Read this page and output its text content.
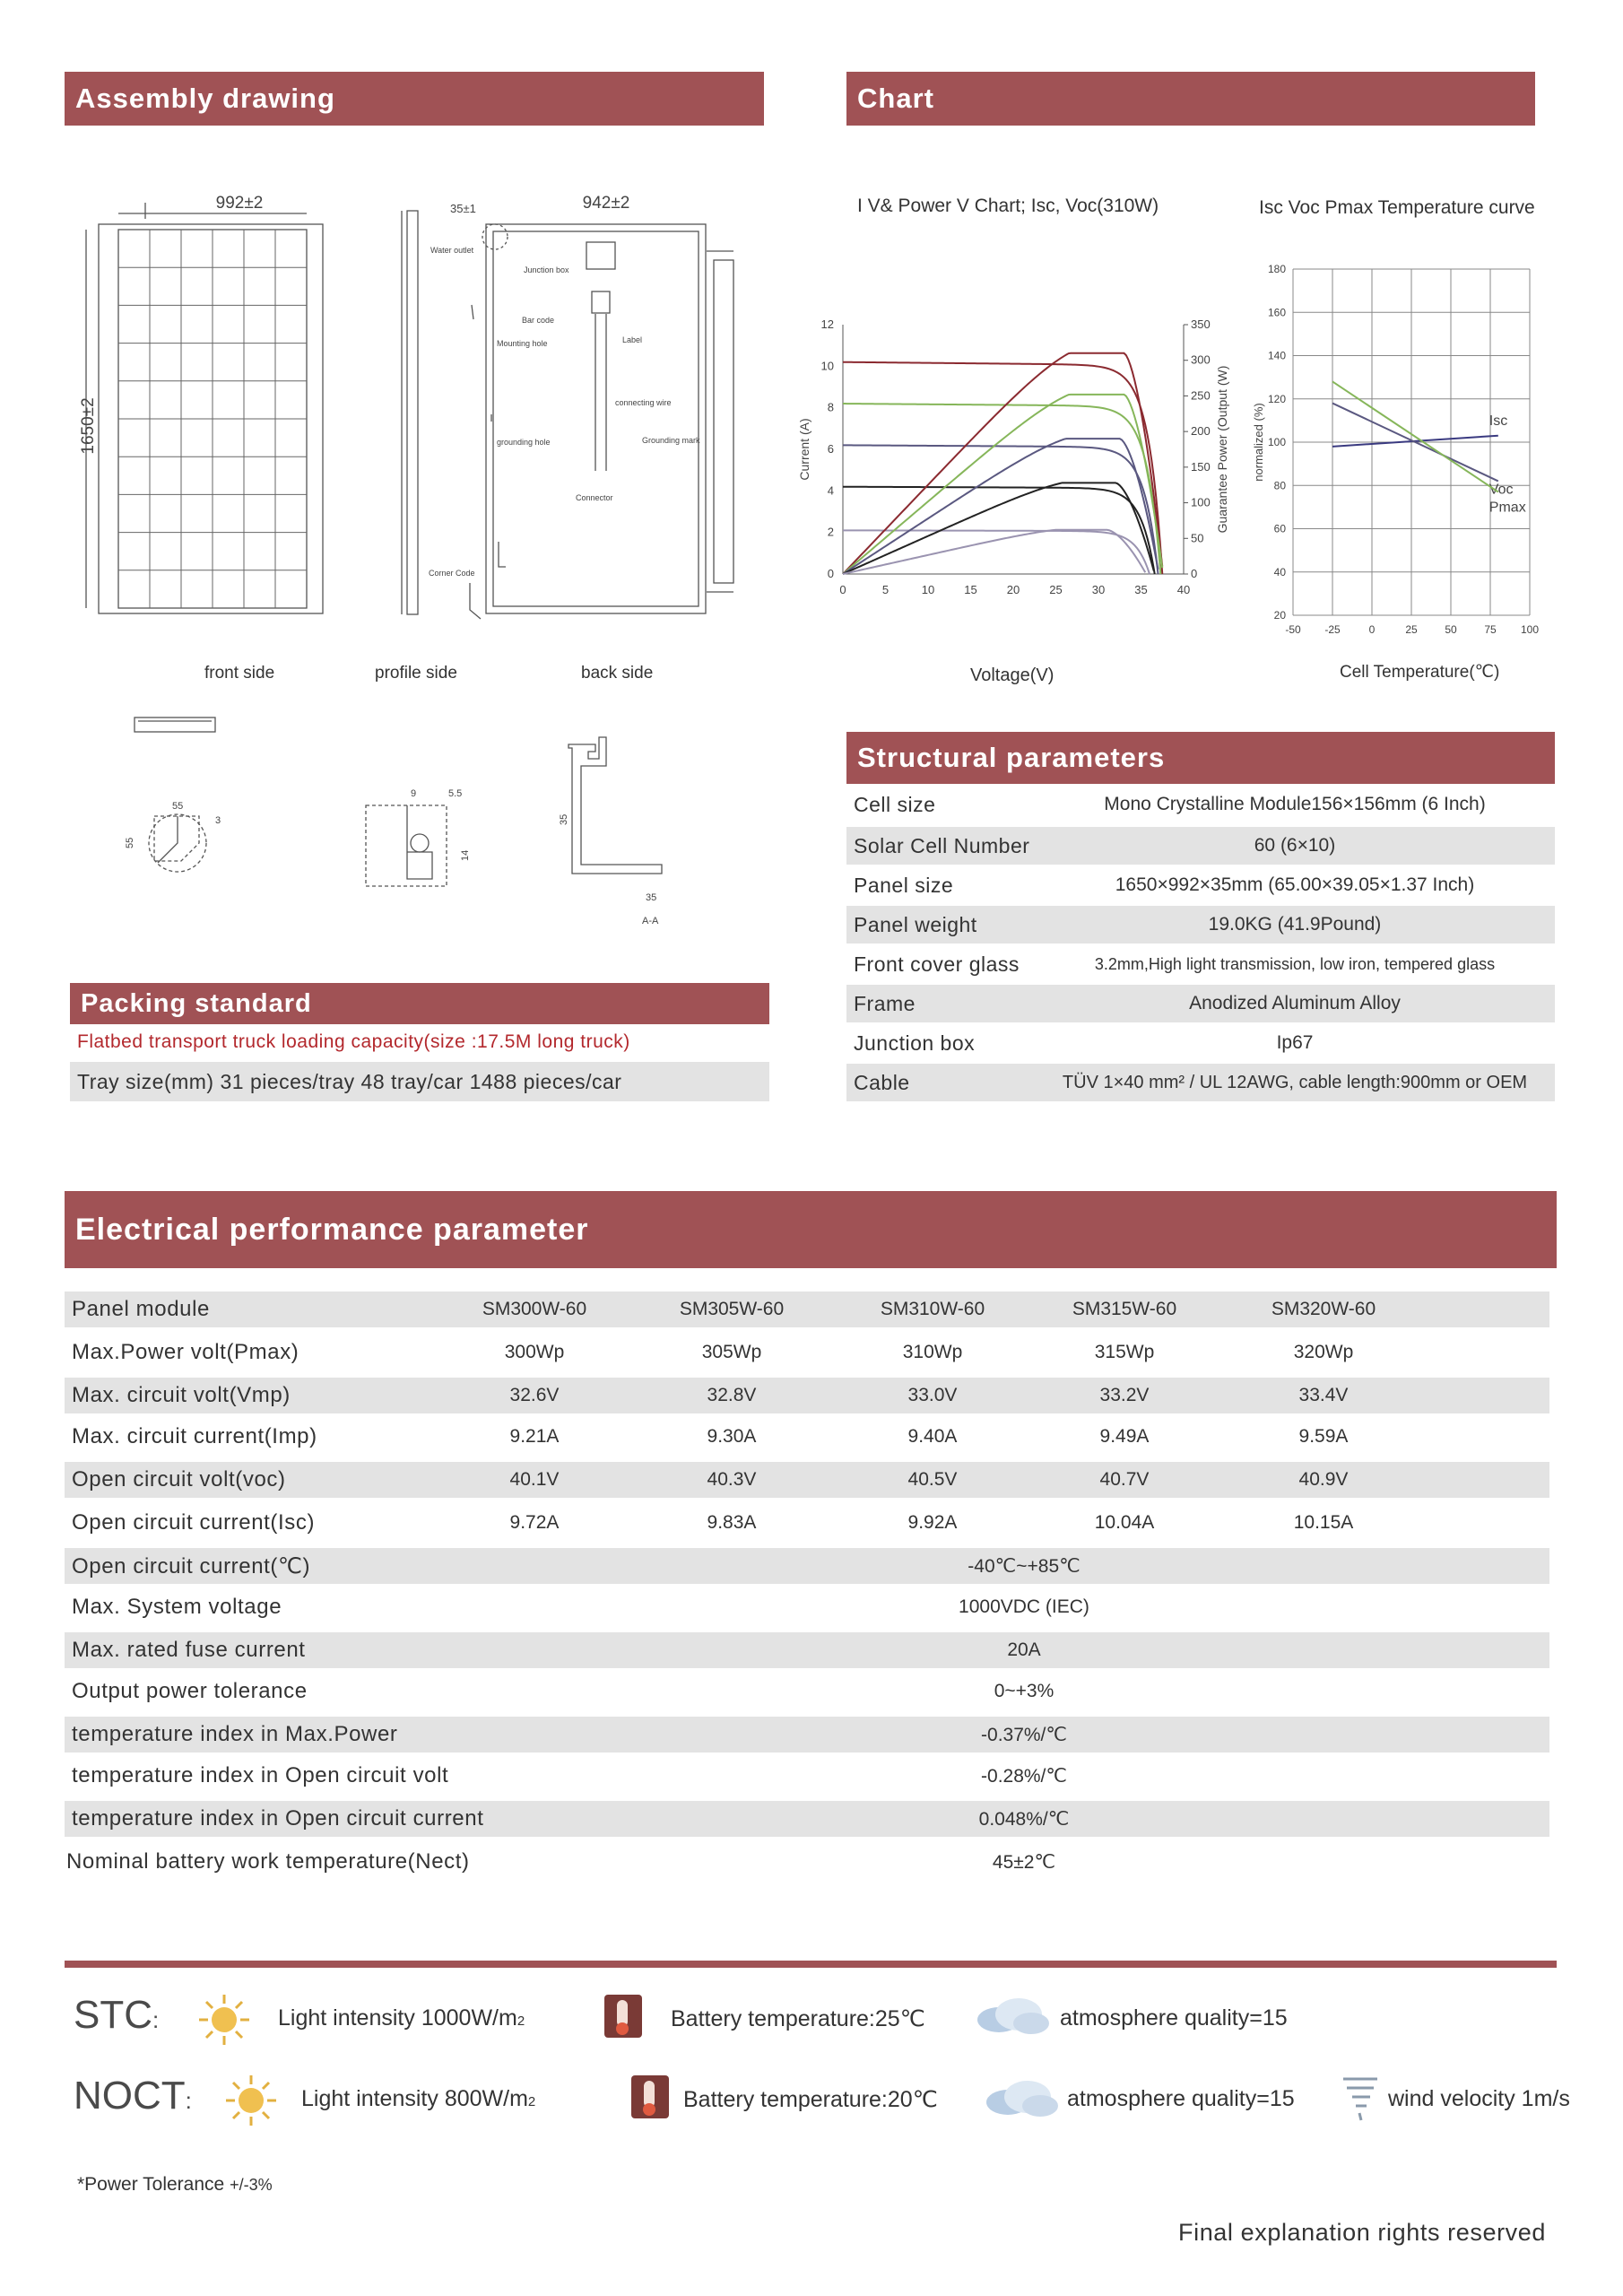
Assembly drawing	Chart
992±2	942±2
35±1
1650±2
Water outlet
Junction box
Bar code
Mounting hole	Label
connecting wire
grounding hole	Grounding mark
Connector
Corner Code
front side	profile side	back side
55
55
3
9	5.5
14
35
35
A-A
I V& Power V Chart; Isc, Voc(310W)	Isc Voc Pmax Temperature curve
0
2
4
6
8
10
12
0
50
100
150
200
250
300
350
0	5	10	15	20	25	30	35	40
Current (A)	Guarantee Power (Output (W)
-50 -25	0	25	50	75 100
20
40
60
80
100
120
140
160
180
normalized (%)	Isc
Voc
Pmax
Voltage(V)	Cell Temperature(℃)
Structural parameters
Cell size	Mono Crystalline Module156×156mm (6 Inch)
Solar Cell Number	60 (6×10)
Panel size	1650×992×35mm (65.00×39.05×1.37 Inch)
Panel weight	19.0KG (41.9Pound)
Front cover glass	3.2mm,High light transmission, low iron, tempered glass
Frame	Anodized Aluminum Alloy
Junction box	Ip67
Cable	TÜV 1×40 mm² / UL 12AWG, cable length:900mm or OEM
Packing standard
Flatbed transport truck loading capacity(size :17.5M long truck)
Tray size(mm) 31 pieces/tray 48 tray/car 1488 pieces/car
Electrical performance parameter
Panel module	SM300W-60	SM305W-60	SM310W-60	SM315W-60	SM320W-60
Max.Power volt(Pmax)	300Wp	305Wp	310Wp	315Wp	320Wp
Max. circuit volt(Vmp)	32.6V	32.8V	33.0V	33.2V	33.4V
Max. circuit current(Imp)	9.21A	9.30A	9.40A	9.49A	9.59A
Open circuit volt(voc)	40.1V	40.3V	40.5V	40.7V	40.9V
Open circuit current(Isc)	9.72A	9.83A	9.92A	10.04A	10.15A
Open circuit current(℃)	-40℃~+85℃
Max. System voltage	1000VDC (IEC)
Max. rated fuse current	20A
Output power tolerance	0~+3%
temperature index in Max.Power	-0.37%/℃
temperature index in Open circuit volt	-0.28%/℃
temperature index in Open circuit current	0.048%/℃
Nominal battery work temperature(Nect)	45±2℃
STC:
NOCT:
Light intensity 1000W/m2
Light intensity 800W/m2
Battery temperature:25℃
Battery temperature:20℃
atmosphere quality=15
atmosphere quality=15	wind velocity 1m/s
*Power Tolerance +/-3%
Final explanation rights reserved
